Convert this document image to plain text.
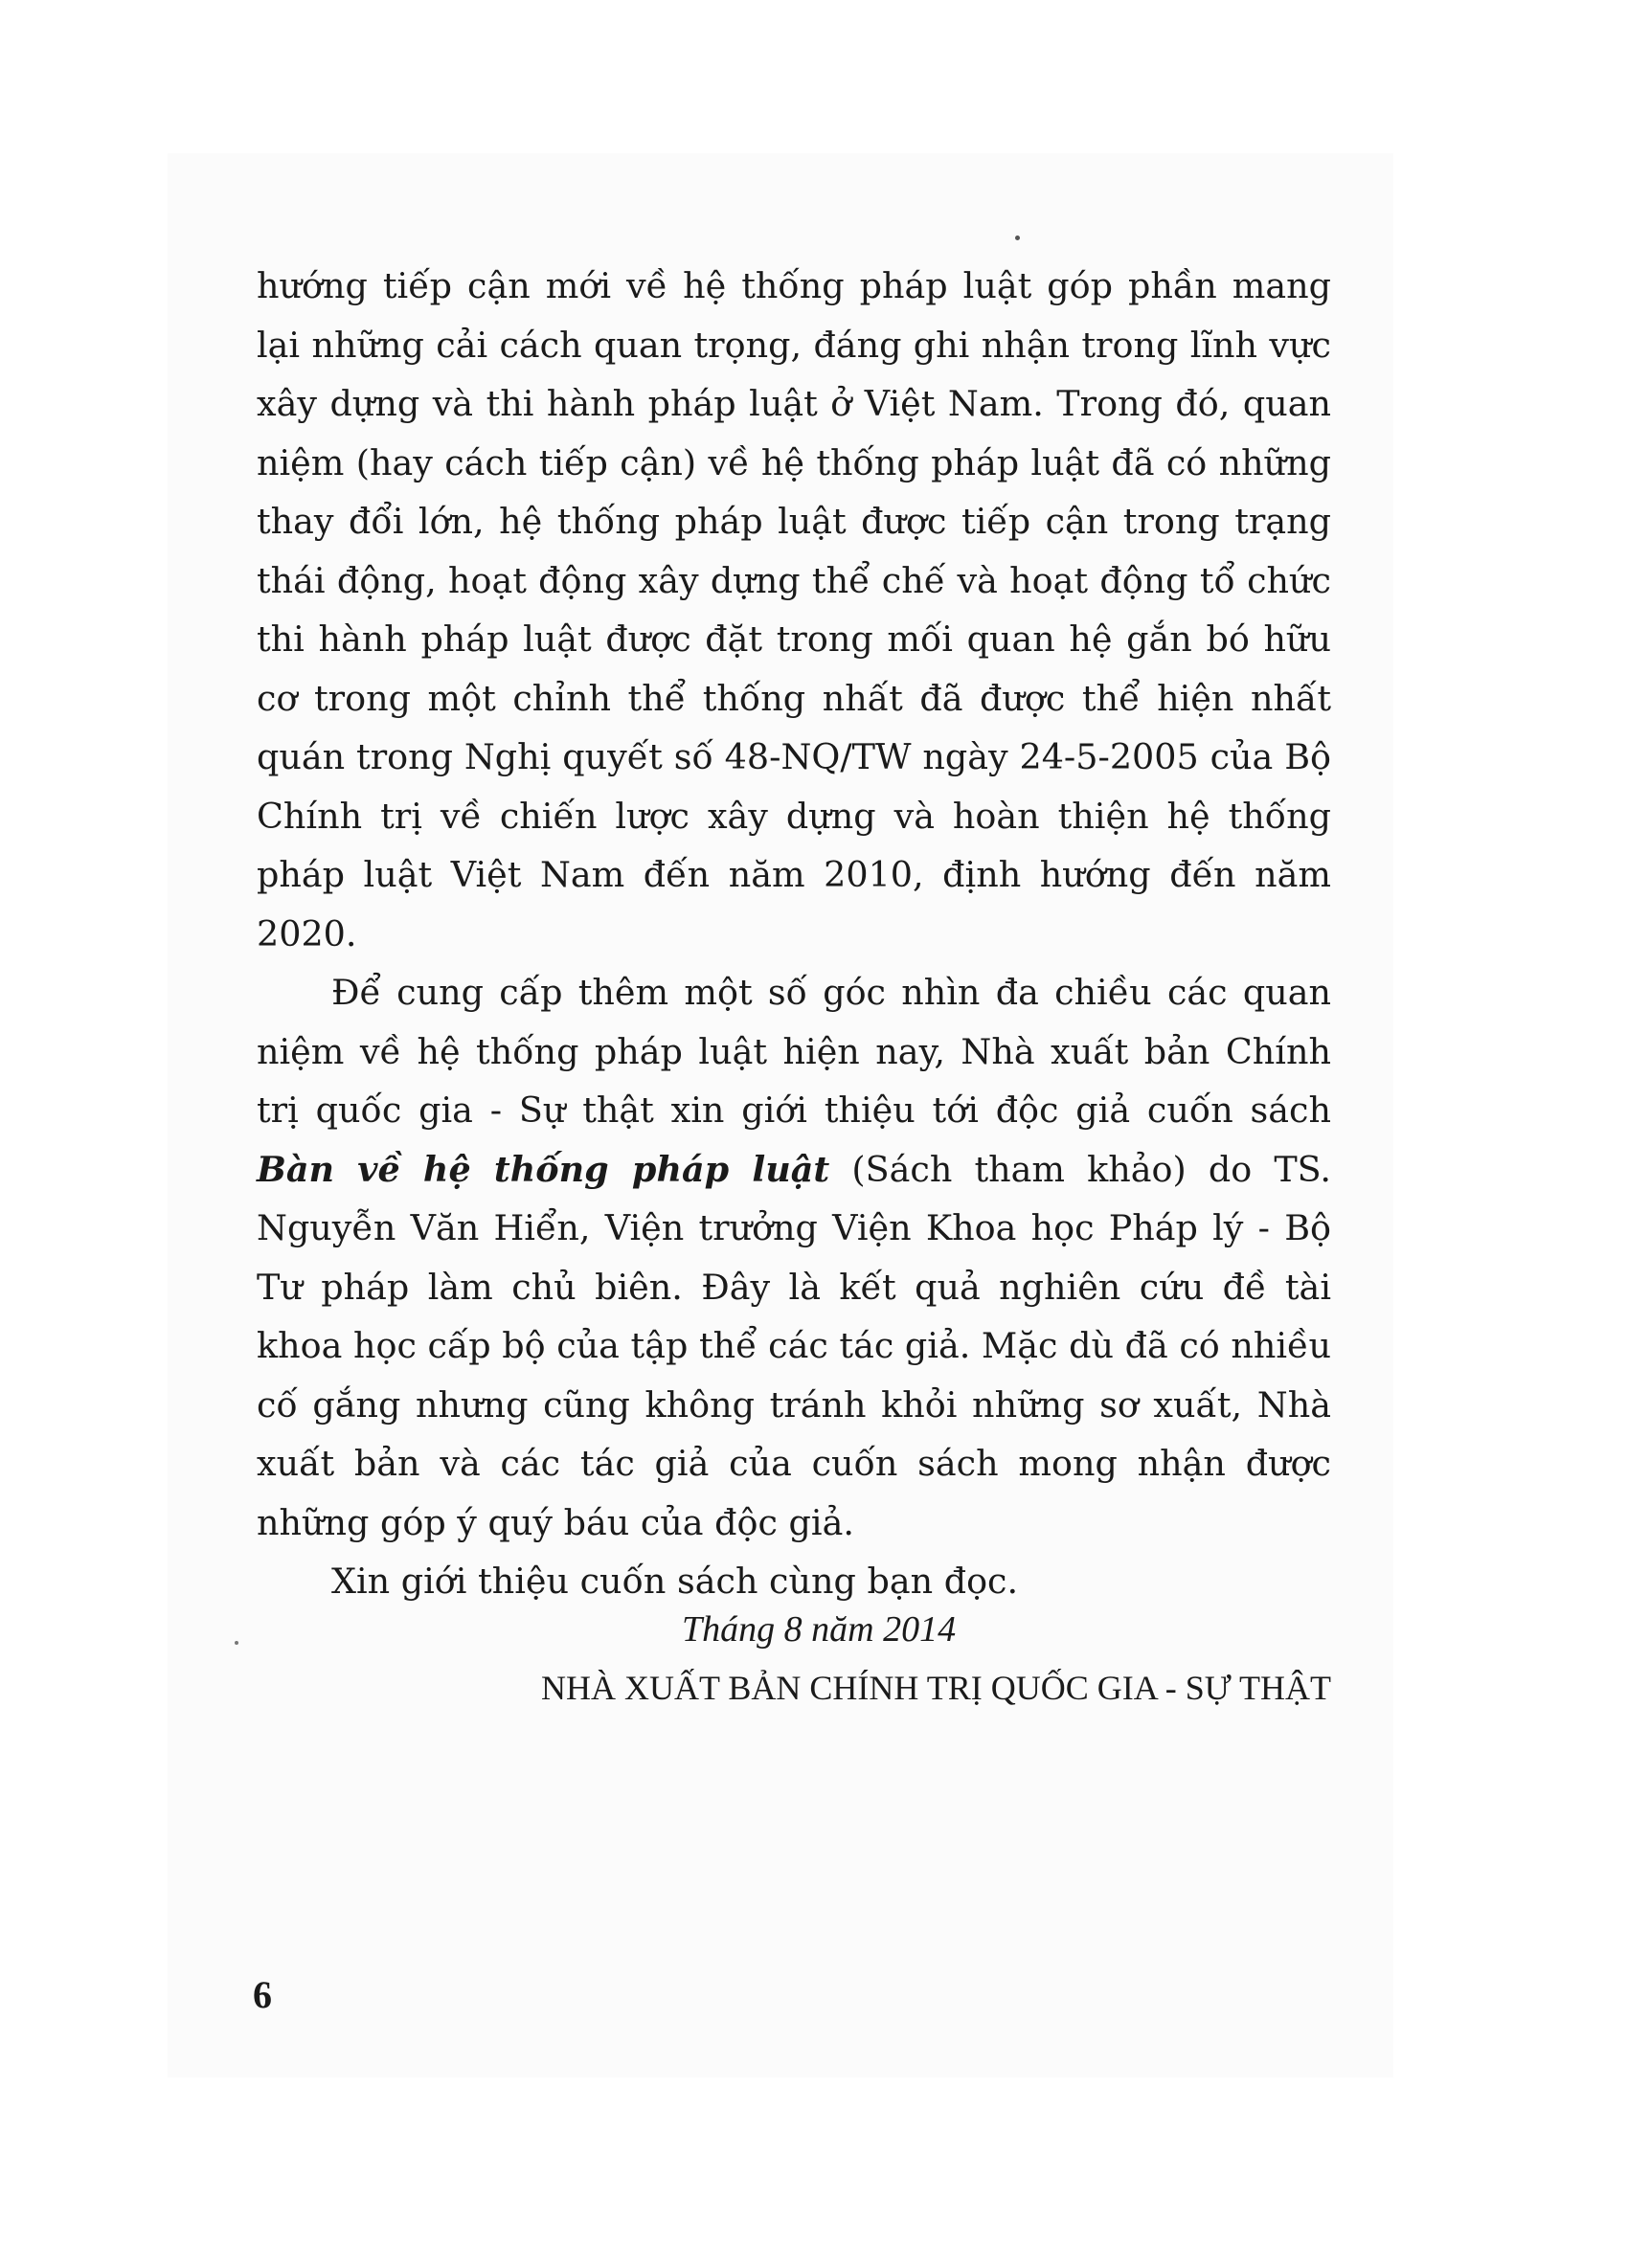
hướng tiếp cận mới về hệ thống pháp luật góp phần mang lại những cải cách quan trọng, đáng ghi nhận trong lĩnh vực xây dựng và thi hành pháp luật ở Việt Nam. Trong đó, quan niệm (hay cách tiếp cận) về hệ thống pháp luật đã có những thay đổi lớn, hệ thống pháp luật được tiếp cận trong trạng thái động, hoạt động xây dựng thể chế và hoạt động tổ chức thi hành pháp luật được đặt trong mối quan hệ gắn bó hữu cơ trong một chỉnh thể thống nhất đã được thể hiện nhất quán trong Nghị quyết số 48-NQ/TW ngày 24-5-2005 của Bộ Chính trị về chiến lược xây dựng và hoàn thiện hệ thống pháp luật Việt Nam đến năm 2010, định hướng đến năm 2020.

Để cung cấp thêm một số góc nhìn đa chiều các quan niệm về hệ thống pháp luật hiện nay, Nhà xuất bản Chính trị quốc gia - Sự thật xin giới thiệu tới độc giả cuốn sách Bàn về hệ thống pháp luật (Sách tham khảo) do TS. Nguyễn Văn Hiển, Viện trưởng Viện Khoa học Pháp lý - Bộ Tư pháp làm chủ biên. Đây là kết quả nghiên cứu đề tài khoa học cấp bộ của tập thể các tác giả. Mặc dù đã có nhiều cố gắng nhưng cũng không tránh khỏi những sơ xuất, Nhà xuất bản và các tác giả của cuốn sách mong nhận được những góp ý quý báu của độc giả.

Xin giới thiệu cuốn sách cùng bạn đọc.

Tháng 8 năm 2014
NHÀ XUẤT BẢN CHÍNH TRỊ QUỐC GIA - SỰ THẬT
6
